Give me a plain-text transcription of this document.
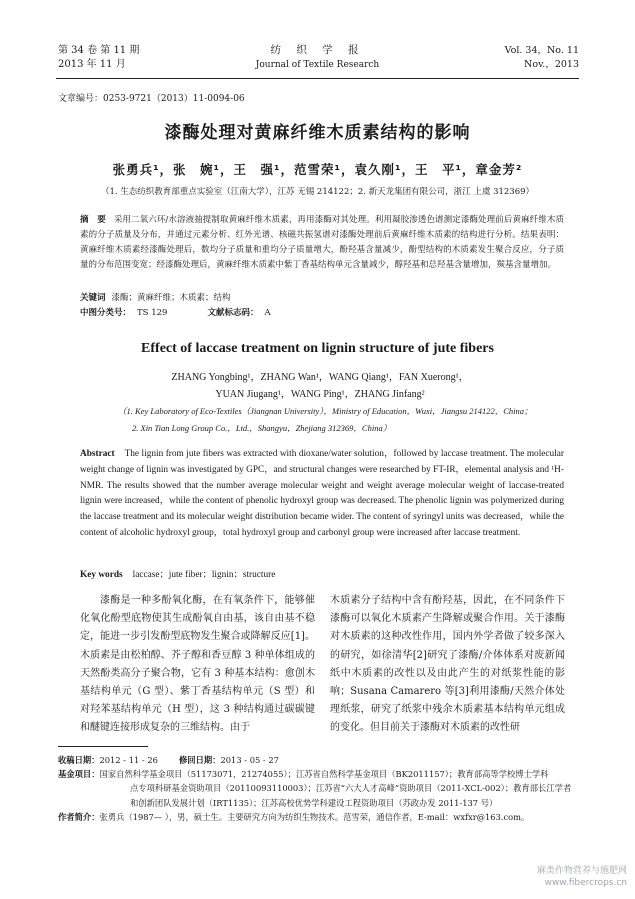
第 34 卷 第 11 期
2013 年 11 月
纺 织 学 报
Journal of Textile Research
Vol. 34，No. 11
Nov.，2013
文章编号：0253-9721（2013）11-0094-06
漆酶处理对黄麻纤维木质素结构的影响
张勇兵¹，张　婉¹，王　强¹，范雪荣¹，袁久刚¹，王　平¹，章金芳²
（1. 生态纺织教育部重点实验室（江南大学），江苏 无锡 214122；2. 新天龙集团有限公司，浙江 上虞 312369）
摘　要 采用二氧六环/水溶液抽提制取黄麻纤维木质素，再用漆酶对其处理。利用凝胶渗透色谱测定漆酶处理前后黄麻纤维木质素的分子质量及分布，并通过元素分析、红外光谱、核磁共振氢谱对漆酶处理前后黄麻纤维木质素的结构进行分析。结果表明：黄麻纤维木质素经漆酶处理后，数均分子质量和重均分子质量增大，酚羟基含量减少，酚型结构的木质素发生聚合反应，分子质量的分布范围变宽；经漆酶处理后，黄麻纤维木质素中紫丁香基结构单元含量减少，醇羟基和总羟基含量增加，羰基含量增加。
关键词 漆酶；黄麻纤维；木质素；结构
中图分类号： TS 129	文献标志码： A
Effect of laccase treatment on lignin structure of jute fibers
ZHANG Yongbing¹，ZHANG Wan¹，WANG Qiang¹，FAN Xuerong¹，
YUAN Jiugang¹，WANG Ping¹，ZHANG Jinfang²
（1. Key Laboratory of Eco-Textiles（Jiangnan University），Ministry of Education，Wuxi，Jiangsu 214122，China；
2. Xin Tian Long Group Co.，Ltd.，Shangyu，Zhejiang 312369，China）
Abstract The lignin from jute fibers was extracted with dioxane/water solution，followed by laccase treatment. The molecular weight change of lignin was investigated by GPC，and structural changes were researched by FT-IR，elemental analysis and ¹H-NMR. The results showed that the number average molecular weight and weight average molecular weight of laccase-treated lignin were increased，while the content of phenolic hydroxyl group was decreased. The phenolic lignin was polymerized during the laccase treatment and its molecular weight distribution became wider. The content of syringyl units was decreased，while the content of alcoholic hydroxyl group，total hydroxyl group and carbonyl group were increased after laccase treatment.
Key words laccase；jute fiber；lignin；structure
漆酶是一种多酚氧化酶，在有氧条件下，能够催化氧化酚型底物使其生成酚氧自由基，该自由基不稳定，能进一步引发酚型底物发生聚合或降解反应[1]。木质素是由松柏醇、芥子醇和香豆醇 3 种单体组成的天然酚类高分子聚合物，它有 3 种基本结构：愈创木基结构单元（G 型）、紫丁香基结构单元（S 型）和对羟苯基结构单元（H 型），这 3 种结构通过碳碳键和醚键连接形成复杂的三维结构。由于
木质素分子结构中含有酚羟基，因此，在不同条件下漆酶可以氧化木质素产生降解或聚合作用。关于漆酶对木质素的这种改性作用，国内外学者做了较多深入的研究，如徐清华[2]研究了漆酶/介体体系对废新闻纸中木质素的改性以及由此产生的对纸浆性能的影响；Susana Camarero 等[3]利用漆酶/天然介体处理纸浆，研究了纸浆中残余木质素基本结构单元组成的变化。但目前关于漆酶对木质素的改性研
收稿日期：2012 - 11 - 26	修回日期：2013 - 05 - 27
基金项目：国家自然科学基金项目（51173071，21274055）；江苏省自然科学基金项目（BK2011157）；教育部高等学校博士学科
点专项科研基金资助项目（20110093110003）；江苏省“六大人才高峰”资助项目（2011-XCL-002）；教育部长江学者
和创新团队发展计划（IRT1135）；江苏高校优势学科建设工程资助项目（苏政办发 2011-137 号）
作者简介：张勇兵（1987— ），男，硕士生。主要研究方向为纺织生物技术。范雪荣，通信作者，E-mail：wxfxr@163.com。
麻类作物营养与施肥网
www.fibercrops.cn
